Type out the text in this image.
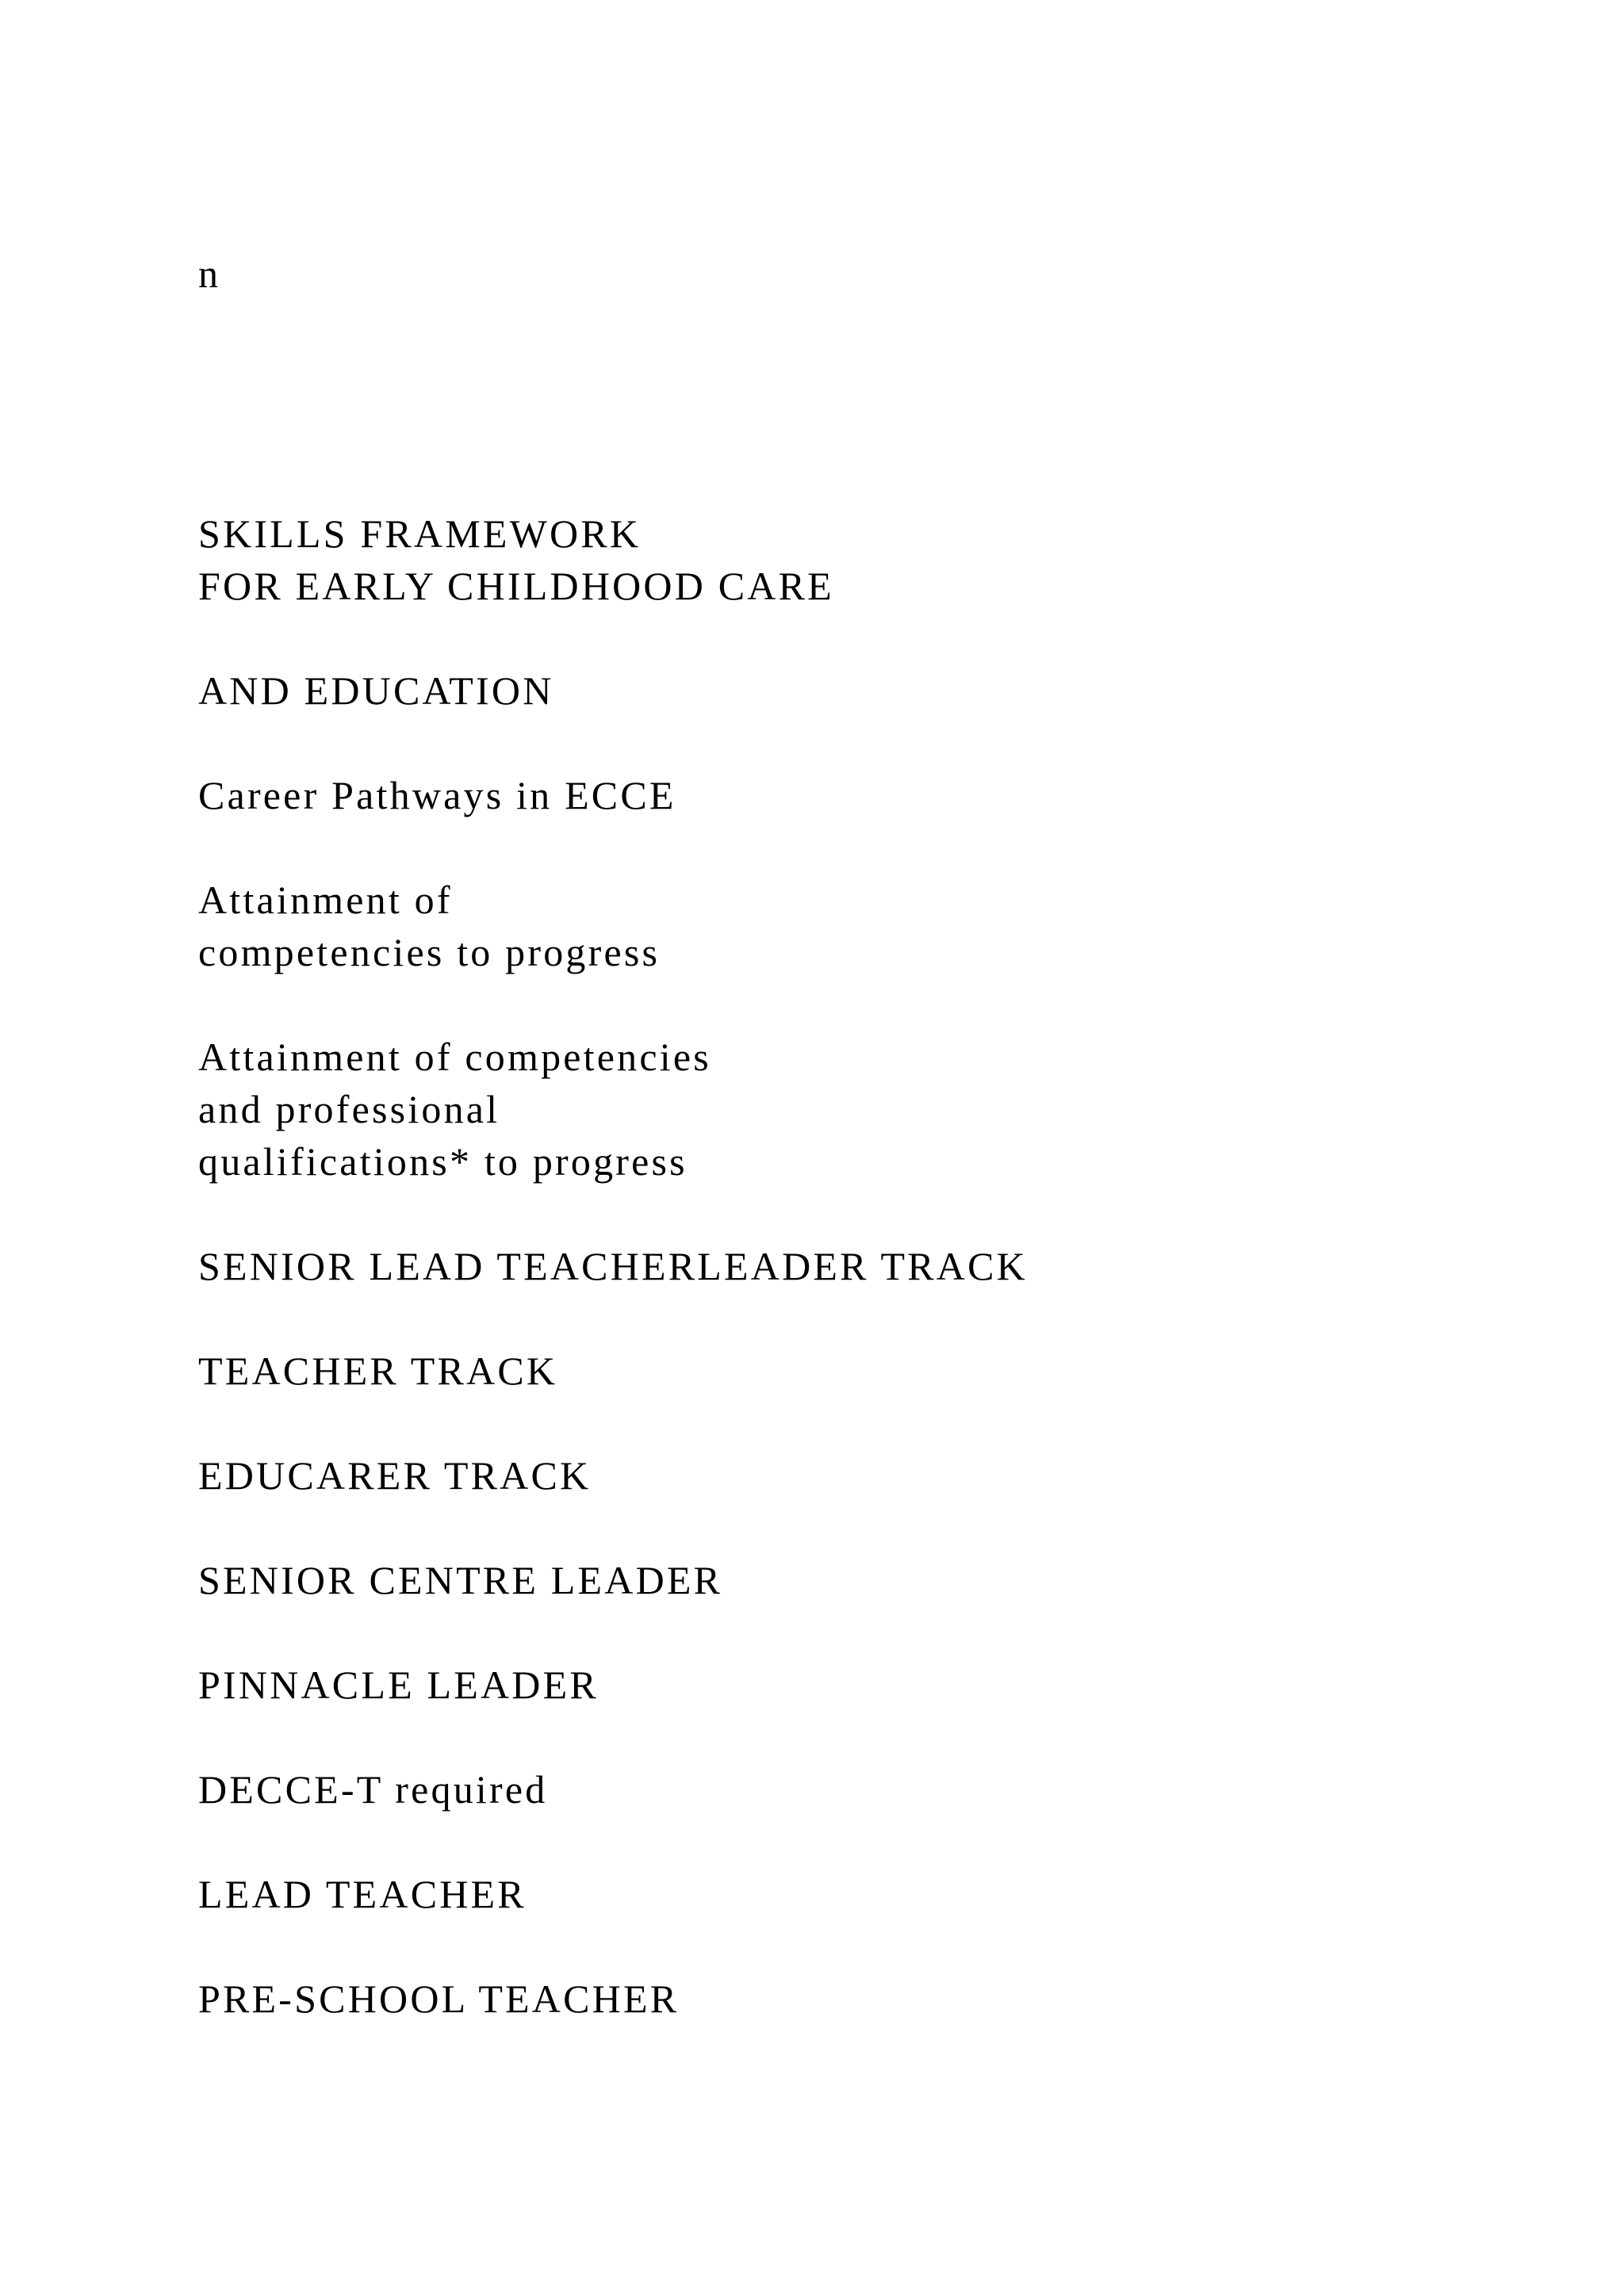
n
SKILLS FRAMEWORK
FOR EARLY CHILDHOOD CARE
AND EDUCATION
Career Pathways in ECCE
Attainment of
competencies to progress
Attainment of competencies
and professional
qualifications* to progress
SENIOR LEAD TEACHERLEADER TRACK
TEACHER TRACK
EDUCARER TRACK
SENIOR CENTRE LEADER
PINNACLE LEADER
DECCE-T required
LEAD TEACHER
PRE-SCHOOL TEACHER
